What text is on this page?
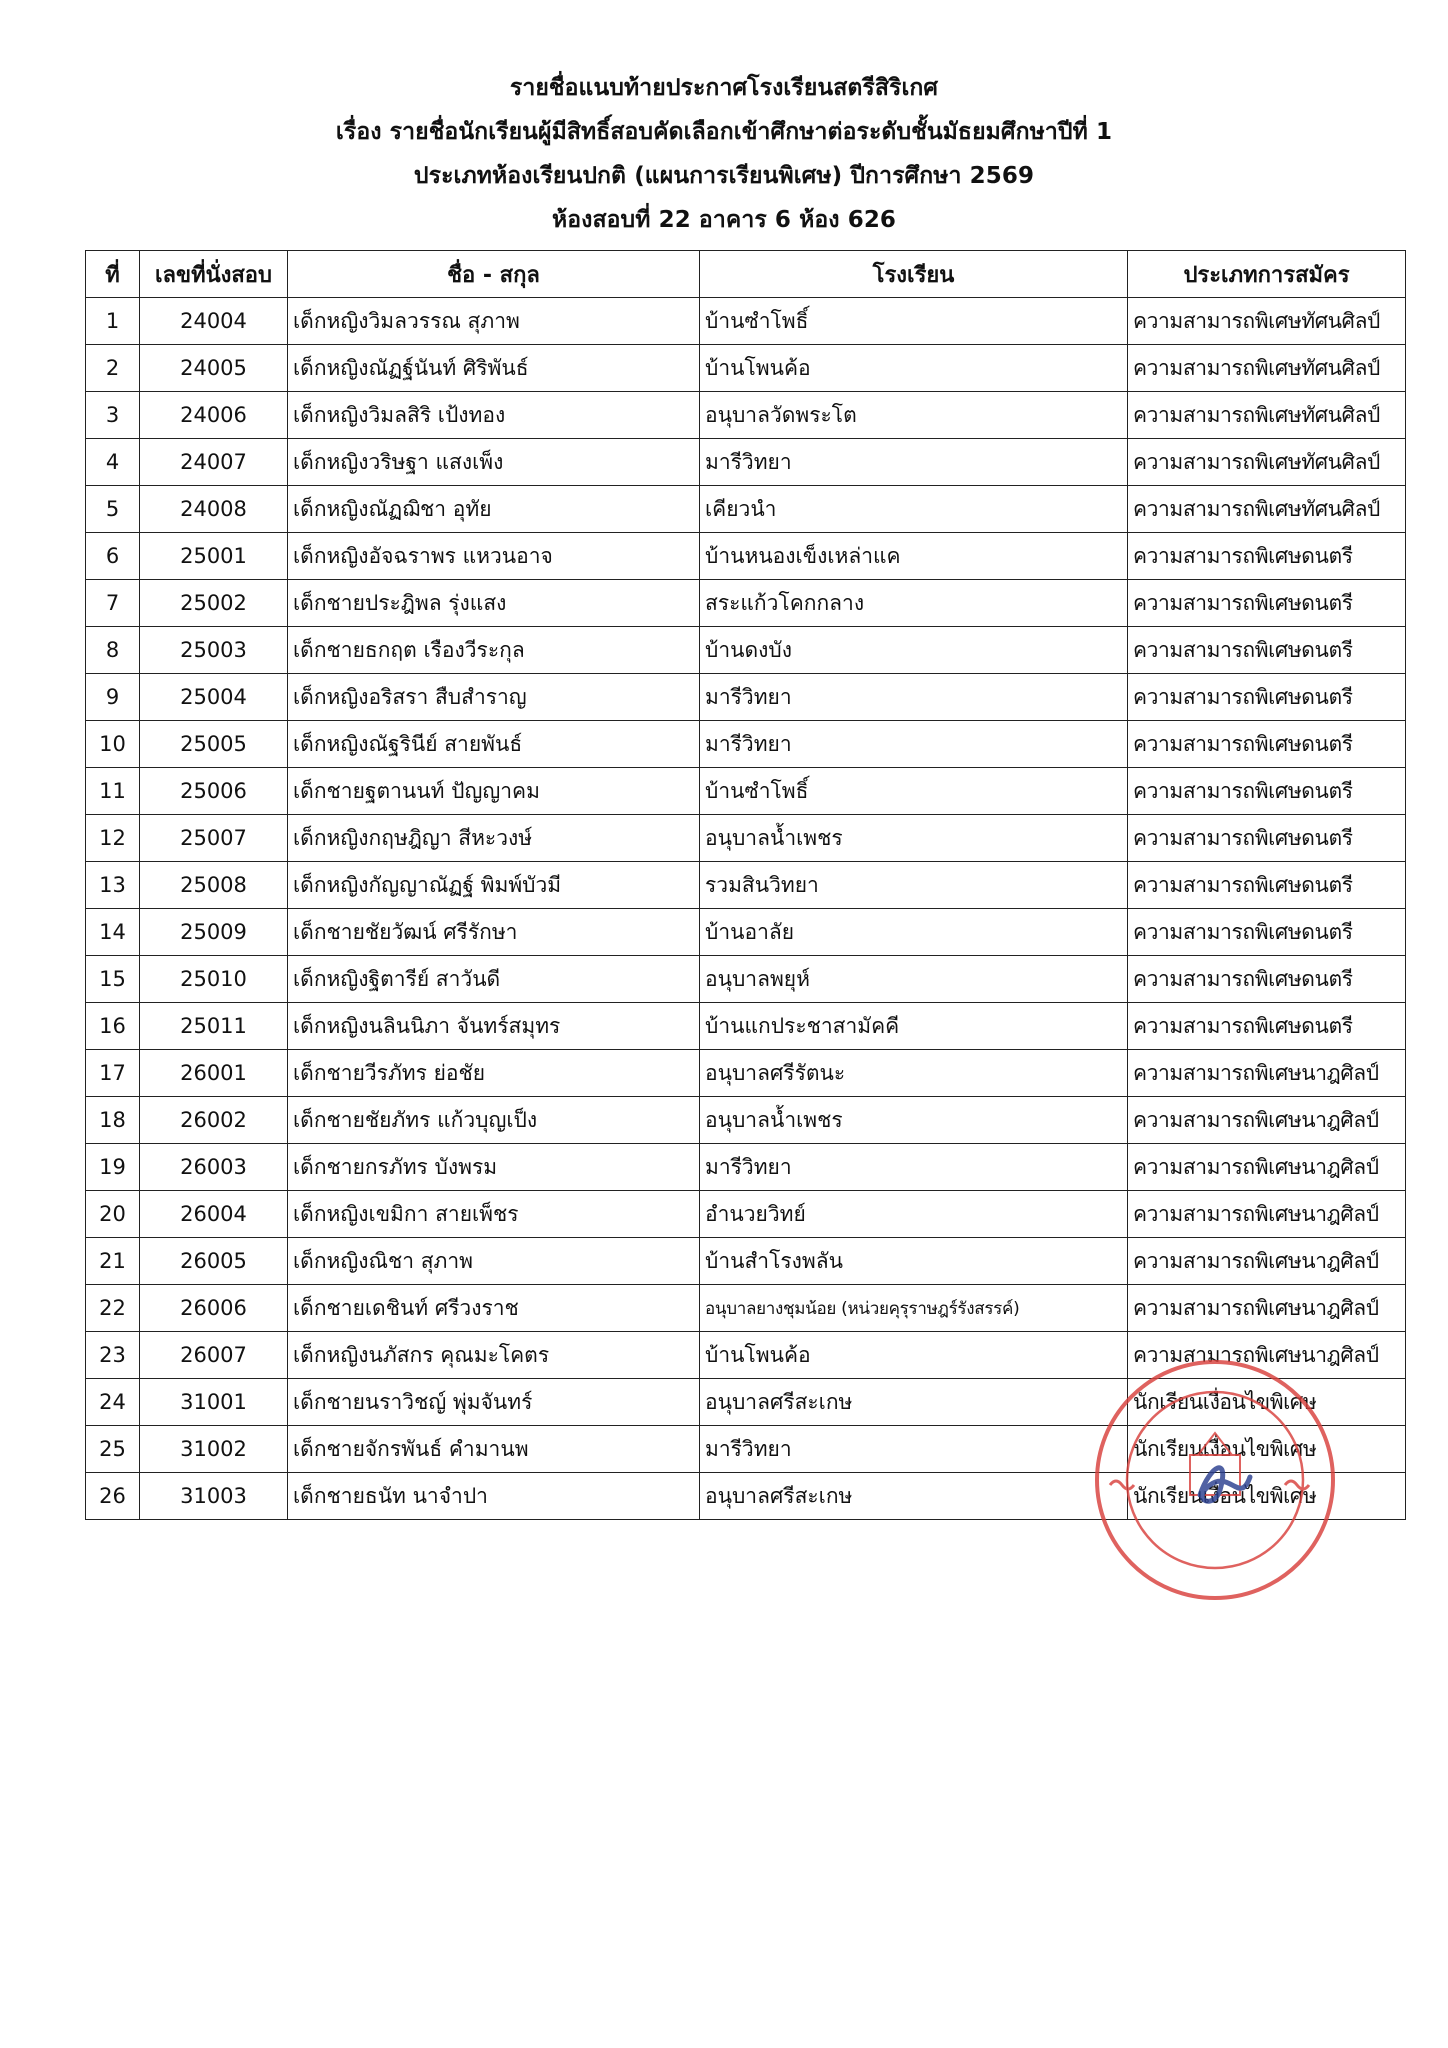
รายชื่อแนบท้ายประกาศโรงเรียนสตรีสิริเกศ
เรื่อง รายชื่อนักเรียนผู้มีสิทธิ์สอบคัดเลือกเข้าศึกษาต่อระดับชั้นมัธยมศึกษาปีที่ 1
ประเภทห้องเรียนปกติ (แผนการเรียนพิเศษ) ปีการศึกษา 2569
ห้องสอบที่ 22 อาคาร 6 ห้อง 626
ที่	เลขที่นั่งสอบ	ชื่อ - สกุล	โรงเรียน	ประเภทการสมัคร
1	24004	เด็กหญิงวิมลวรรณ สุภาพ	บ้านซำโพธิ์	ความสามารถพิเศษทัศนศิลป์
2	24005	เด็กหญิงณัฏฐ์นันท์ ศิริพันธ์	บ้านโพนค้อ	ความสามารถพิเศษทัศนศิลป์
3	24006	เด็กหญิงวิมลสิริ เป้งทอง	อนุบาลวัดพระโต	ความสามารถพิเศษทัศนศิลป์
4	24007	เด็กหญิงวริษฐา แสงเพ็ง	มารีวิทยา	ความสามารถพิเศษทัศนศิลป์
5	24008	เด็กหญิงณัฏฌิชา อุทัย	เคียวนำ	ความสามารถพิเศษทัศนศิลป์
6	25001	เด็กหญิงอัจฉราพร แหวนอาจ	บ้านหนองเข็งเหล่าแค	ความสามารถพิเศษดนตรี
7	25002	เด็กชายประฎิพล รุ่งแสง	สระแก้วโคกกลาง	ความสามารถพิเศษดนตรี
8	25003	เด็กชายธกฤต เรืองวีระกุล	บ้านดงบัง	ความสามารถพิเศษดนตรี
9	25004	เด็กหญิงอริสรา สืบสำราญ	มารีวิทยา	ความสามารถพิเศษดนตรี
10	25005	เด็กหญิงณัฐรินีย์ สายพันธ์	มารีวิทยา	ความสามารถพิเศษดนตรี
11	25006	เด็กชายฐตานนท์ ปัญญาคม	บ้านซำโพธิ์	ความสามารถพิเศษดนตรี
12	25007	เด็กหญิงกฤษฎิญา สีหะวงษ์	อนุบาลน้ำเพชร	ความสามารถพิเศษดนตรี
13	25008	เด็กหญิงกัญญาณัฏฐ์ พิมพ์บัวมี	รวมสินวิทยา	ความสามารถพิเศษดนตรี
14	25009	เด็กชายชัยวัฒน์ ศรีรักษา	บ้านอาลัย	ความสามารถพิเศษดนตรี
15	25010	เด็กหญิงฐิตารีย์ สาวันดี	อนุบาลพยุห์	ความสามารถพิเศษดนตรี
16	25011	เด็กหญิงนลินนิภา จันทร์สมุทร	บ้านแกประชาสามัคคี	ความสามารถพิเศษดนตรี
17	26001	เด็กชายวีรภัทร ย่อชัย	อนุบาลศรีรัตนะ	ความสามารถพิเศษนาฎศิลป์
18	26002	เด็กชายชัยภัทร แก้วบุญเป็ง	อนุบาลน้ำเพชร	ความสามารถพิเศษนาฎศิลป์
19	26003	เด็กชายกรภัทร บังพรม	มารีวิทยา	ความสามารถพิเศษนาฎศิลป์
20	26004	เด็กหญิงเขมิกา สายเพ็ชร	อำนวยวิทย์	ความสามารถพิเศษนาฎศิลป์
21	26005	เด็กหญิงณิชา สุภาพ	บ้านสำโรงพลัน	ความสามารถพิเศษนาฎศิลป์
22	26006	เด็กชายเดชินท์ ศรีวงราช	อนุบาลยางชุมน้อย (หน่วยคุรุราษฎร์รังสรรค์)	ความสามารถพิเศษนาฎศิลป์
23	26007	เด็กหญิงนภัสกร คุณมะโคตร	บ้านโพนค้อ	ความสามารถพิเศษนาฎศิลป์
24	31001	เด็กชายนราวิชญ์ พุ่มจันทร์	อนุบาลศรีสะเกษ	นักเรียนเงื่อนไขพิเศษ
25	31002	เด็กชายจักรพันธ์ คำมานพ	มารีวิทยา	นักเรียนเงื่อนไขพิเศษ
26	31003	เด็กชายธนัท นาจำปา	อนุบาลศรีสะเกษ	นักเรียนเงื่อนไขพิเศษ
